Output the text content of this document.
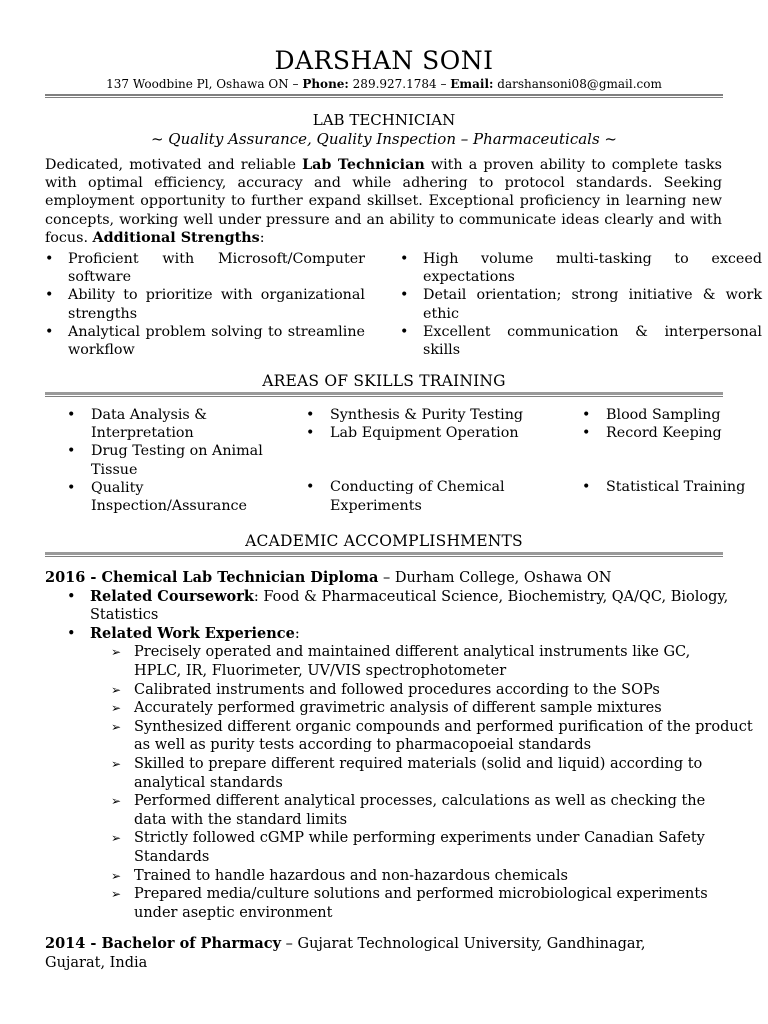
DARSHAN SONI
137 Woodbine Pl, Oshawa ON – Phone: 289.927.1784 – Email: darshansoni08@gmail.com
LAB TECHNICIAN
~ Quality Assurance, Quality Inspection – Pharmaceuticals ~
Dedicated, motivated and reliable Lab Technician with a proven ability to complete tasks with optimal efficiency, accuracy and while adhering to protocol standards. Seeking employment opportunity to further expand skillset. Exceptional proficiency in learning new concepts, working well under pressure and an ability to communicate ideas clearly and with focus. Additional Strengths:
• Proficient with Microsoft/Computer software
• Ability to prioritize with organizational strengths
• Analytical problem solving to streamline workflow
• High volume multi-tasking to exceed expectations
• Detail orientation; strong initiative & work ethic
• Excellent communication & interpersonal skills
AREAS OF SKILLS TRAINING
• Data Analysis & Interpretation
• Drug Testing on Animal Tissue
• Quality Inspection/Assurance
• Synthesis & Purity Testing
• Lab Equipment Operation
• Conducting of Chemical Experiments
• Blood Sampling
• Record Keeping
• Statistical Training
ACADEMIC ACCOMPLISHMENTS
2016 - Chemical Lab Technician Diploma – Durham College, Oshawa ON
• Related Coursework: Food & Pharmaceutical Science, Biochemistry, QA/QC, Biology, Statistics
• Related Work Experience:
➢ Precisely operated and maintained different analytical instruments like GC, HPLC, IR, Fluorimeter, UV/VIS spectrophotometer
➢ Calibrated instruments and followed procedures according to the SOPs
➢ Accurately performed gravimetric analysis of different sample mixtures
➢ Synthesized different organic compounds and performed purification of the product as well as purity tests according to pharmacopoeial standards
➢ Skilled to prepare different required materials (solid and liquid) according to analytical standards
➢ Performed different analytical processes, calculations as well as checking the data with the standard limits
➢ Strictly followed cGMP while performing experiments under Canadian Safety Standards
➢ Trained to handle hazardous and non-hazardous chemicals
➢ Prepared media/culture solutions and performed microbiological experiments under aseptic environment
2014 - Bachelor of Pharmacy – Gujarat Technological University, Gandhinagar, Gujarat, India
